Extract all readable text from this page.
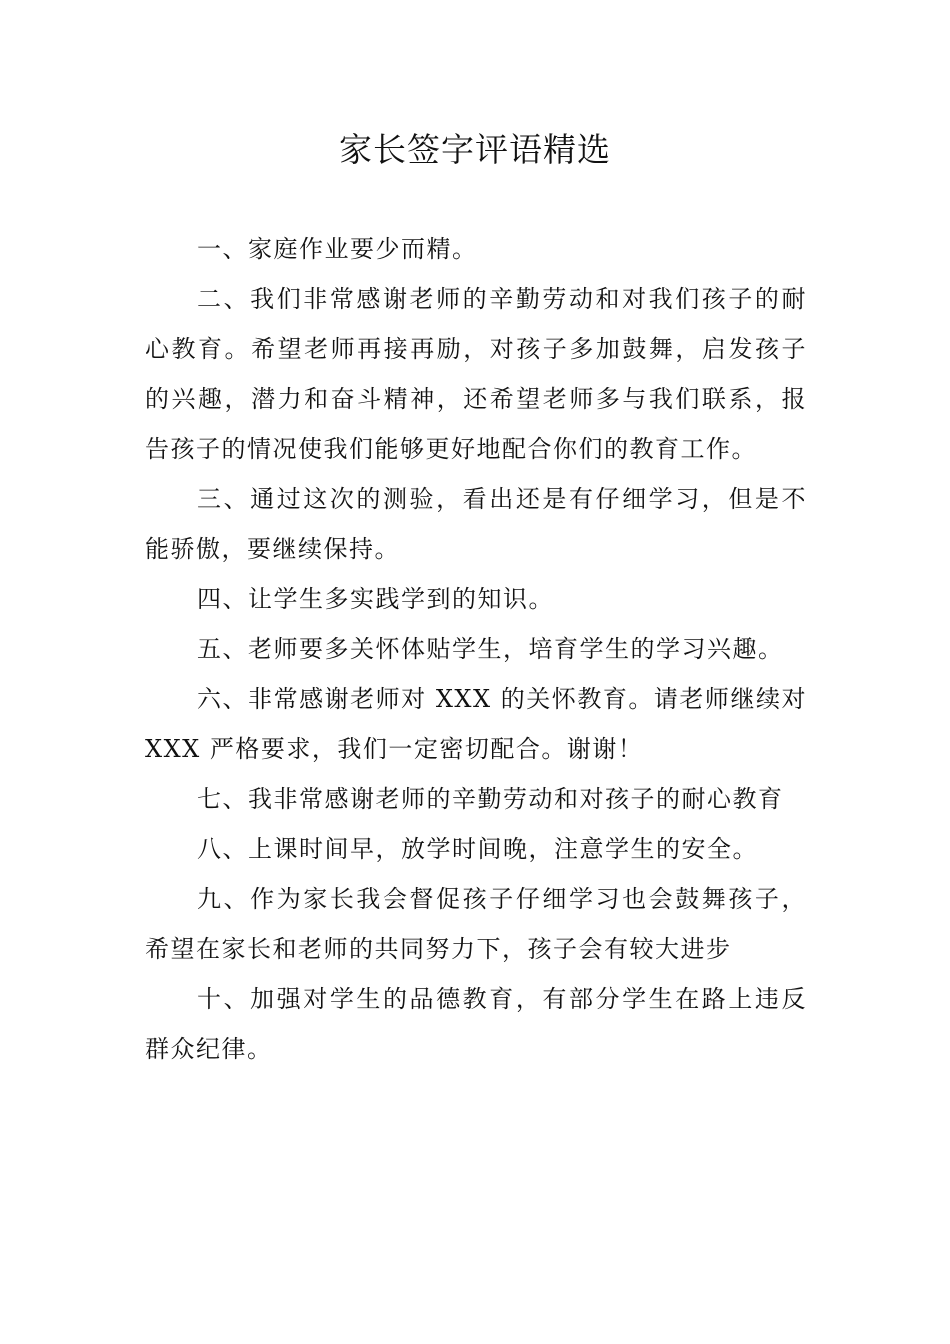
家长签字评语精选

一、家庭作业要少而精。

二、我们非常感谢老师的辛勤劳动和对我们孩子的耐心教育。希望老师再接再励，对孩子多加鼓舞，启发孩子的兴趣，潜力和奋斗精神，还希望老师多与我们联系，报告孩子的情况使我们能够更好地配合你们的教育工作。

三、通过这次的测验，看出还是有仔细学习，但是不能骄傲，要继续保持。

四、让学生多实践学到的知识。

五、老师要多关怀体贴学生，培育学生的学习兴趣。

六、非常感谢老师对 XXX 的关怀教育。请老师继续对 XXX 严格要求，我们一定密切配合。谢谢！

七、我非常感谢老师的辛勤劳动和对孩子的耐心教育

八、上课时间早，放学时间晚，注意学生的安全。

九、作为家长我会督促孩子仔细学习也会鼓舞孩子，希望在家长和老师的共同努力下，孩子会有较大进步

十、加强对学生的品德教育，有部分学生在路上违反群众纪律。
